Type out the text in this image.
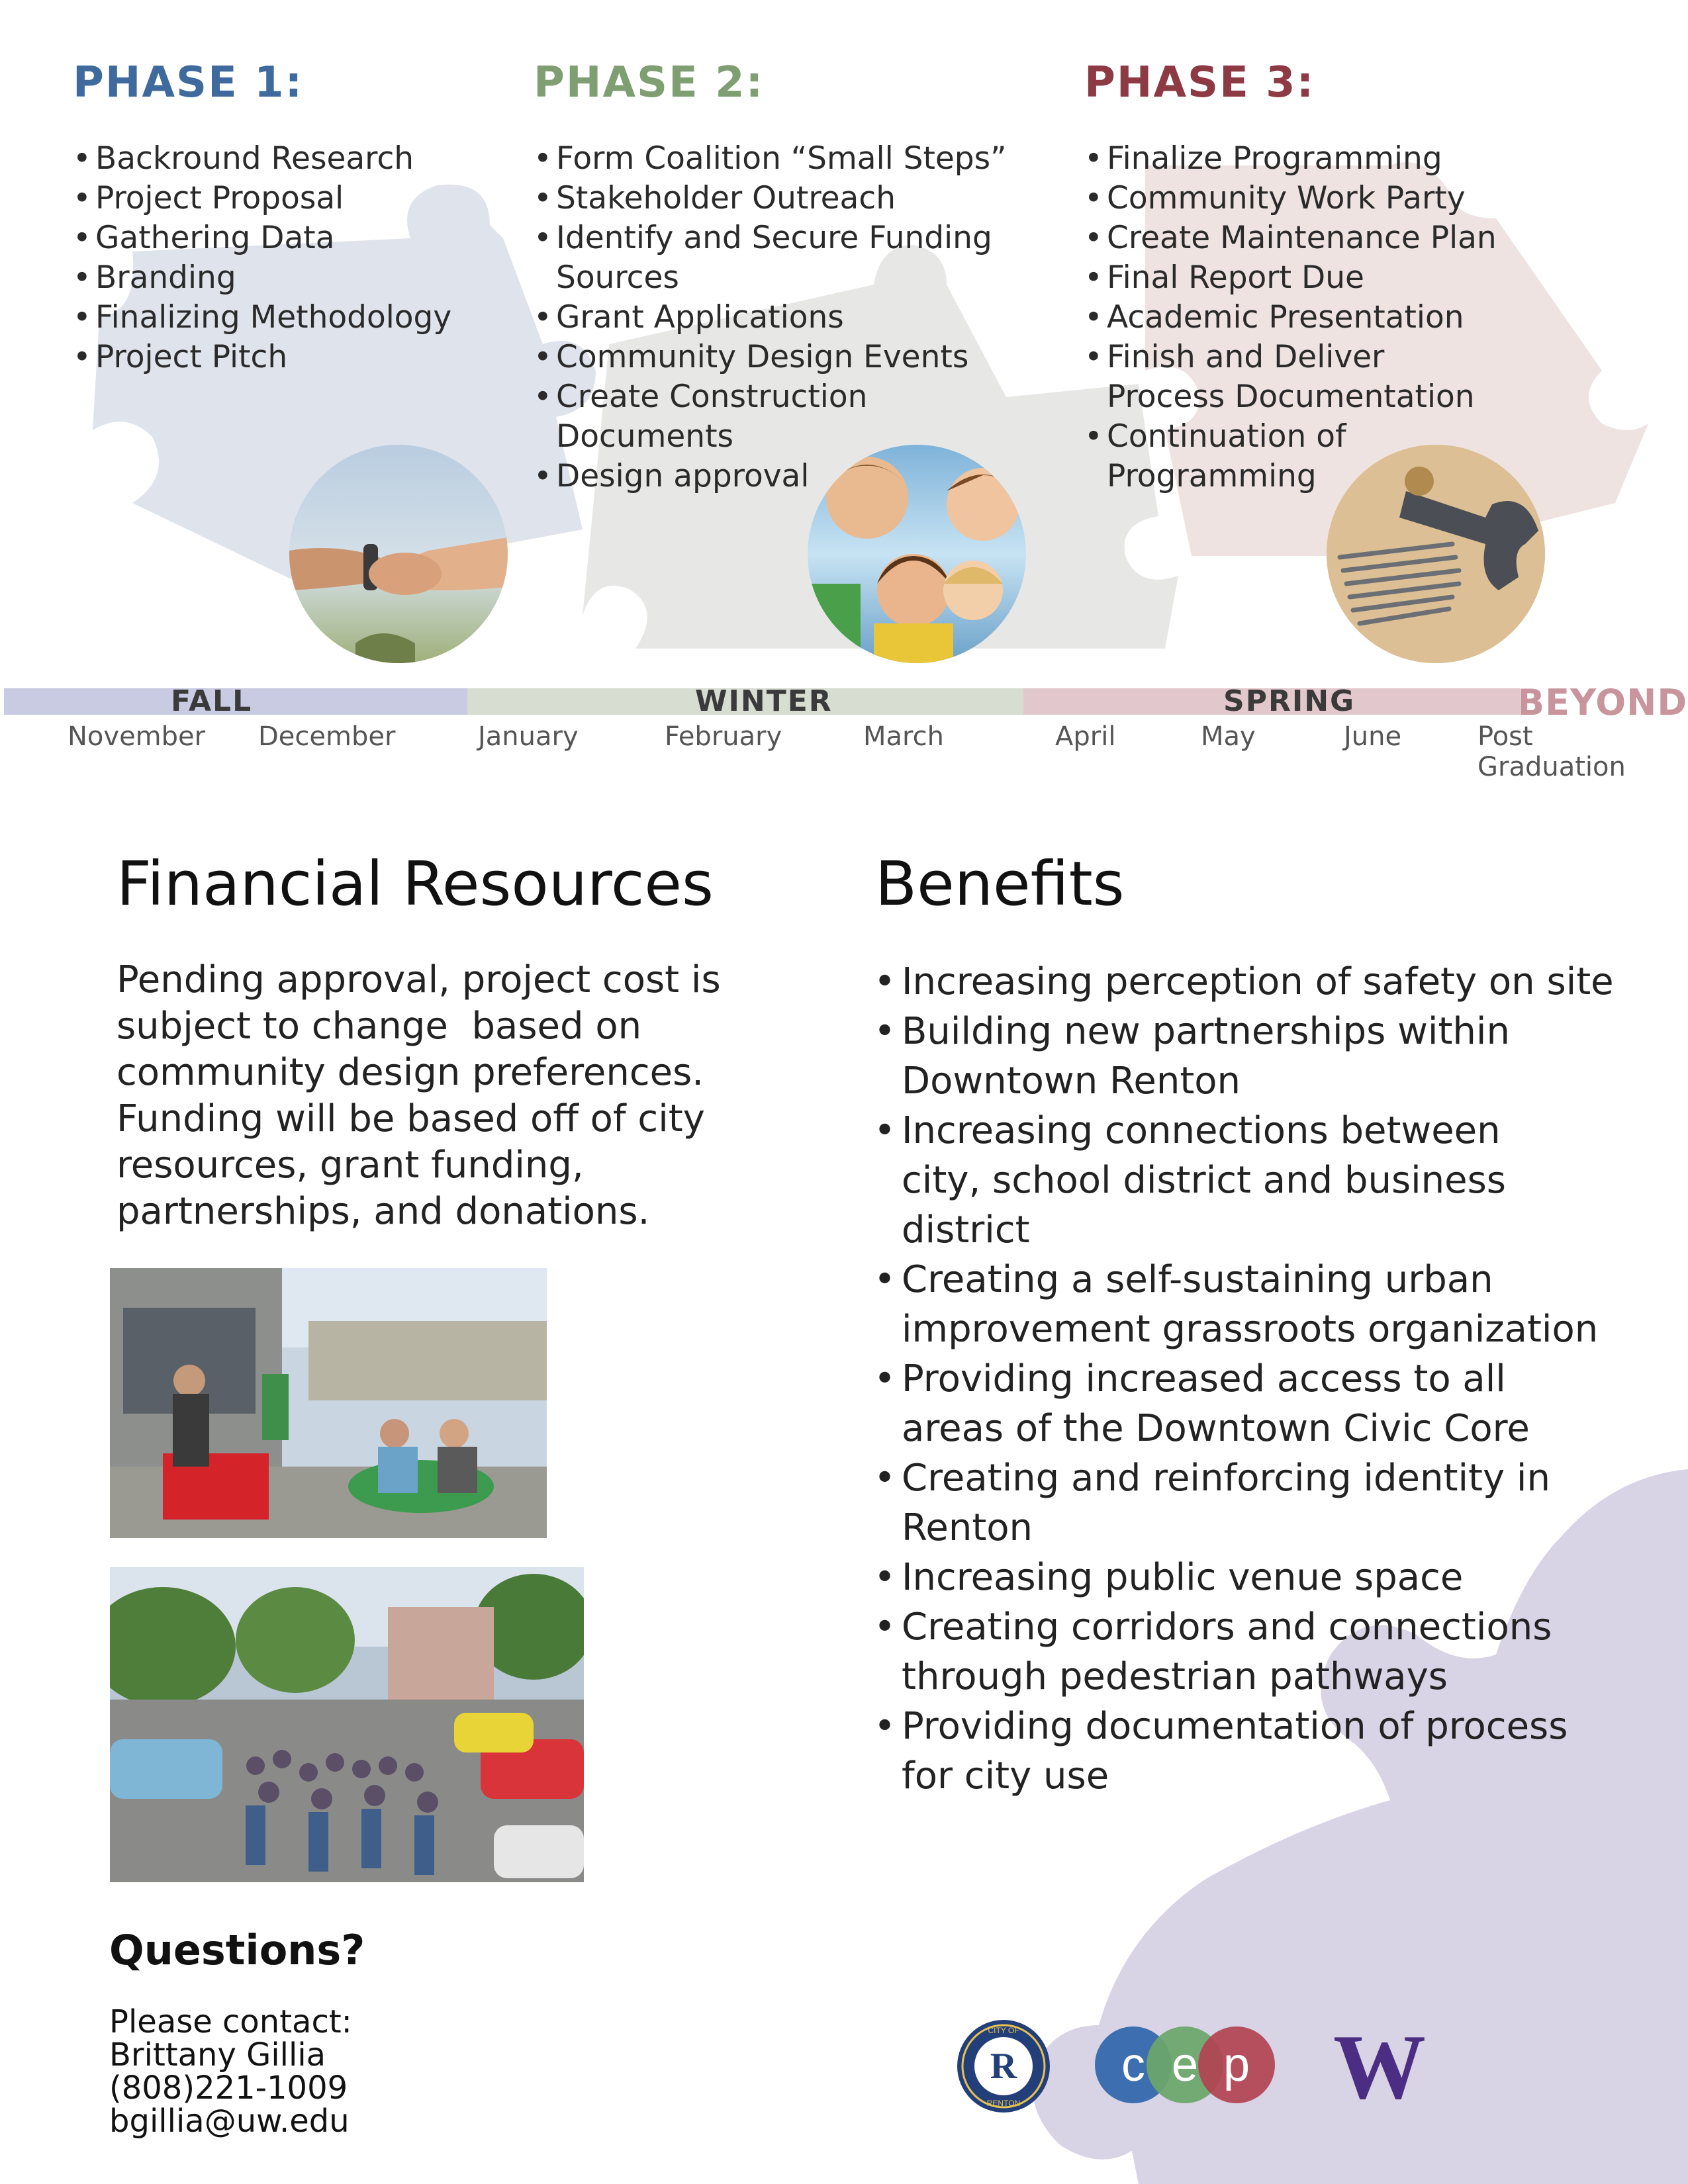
PHASE 1:	PHASE 2:	PHASE 3:
• Backround Research
• Project Proposal
• Gathering Data
• Branding
• Finalizing Methodology
• Project Pitch
• Form Coalition “Small Steps”
• Stakeholder Outreach
• Identify and Secure Funding
Sources
• Grant Applications
• Community Design Events
• Create Construction
Documents
• Design approval
• Finalize Programming
• Community Work Party
• Create Maintenance Plan
• Final Report Due
• Academic Presentation
• Finish and Deliver
Process Documentation
• Continuation of
Programming
FALL	WINTER	SPRING	BEYOND
November December	January	February	March	April	May	June	Post Graduation
Financial Resources
Pending approval, project cost is
subject to change  based on
community design preferences.
Funding will be based off of city
resources, grant funding,
partnerships, and donations.
Benefits
• Increasing perception of safety on site
• Building new partnerships within
Downtown Renton
• Increasing connections between
city, school district and business
district
• Creating a self-sustaining urban
improvement grassroots organization
• Providing increased access to all
areas of the Downtown Civic Core
• Creating and reinforcing identity in
Renton
• Increasing public venue space
• Creating corridors and connections
through pedestrian pathways
• Providing documentation of process
for city use
Questions?
Please contact:
Brittany Gillia
(808)221-1009
bgillia@uw.edu
R
CITY OF
RENTON
c e p W
